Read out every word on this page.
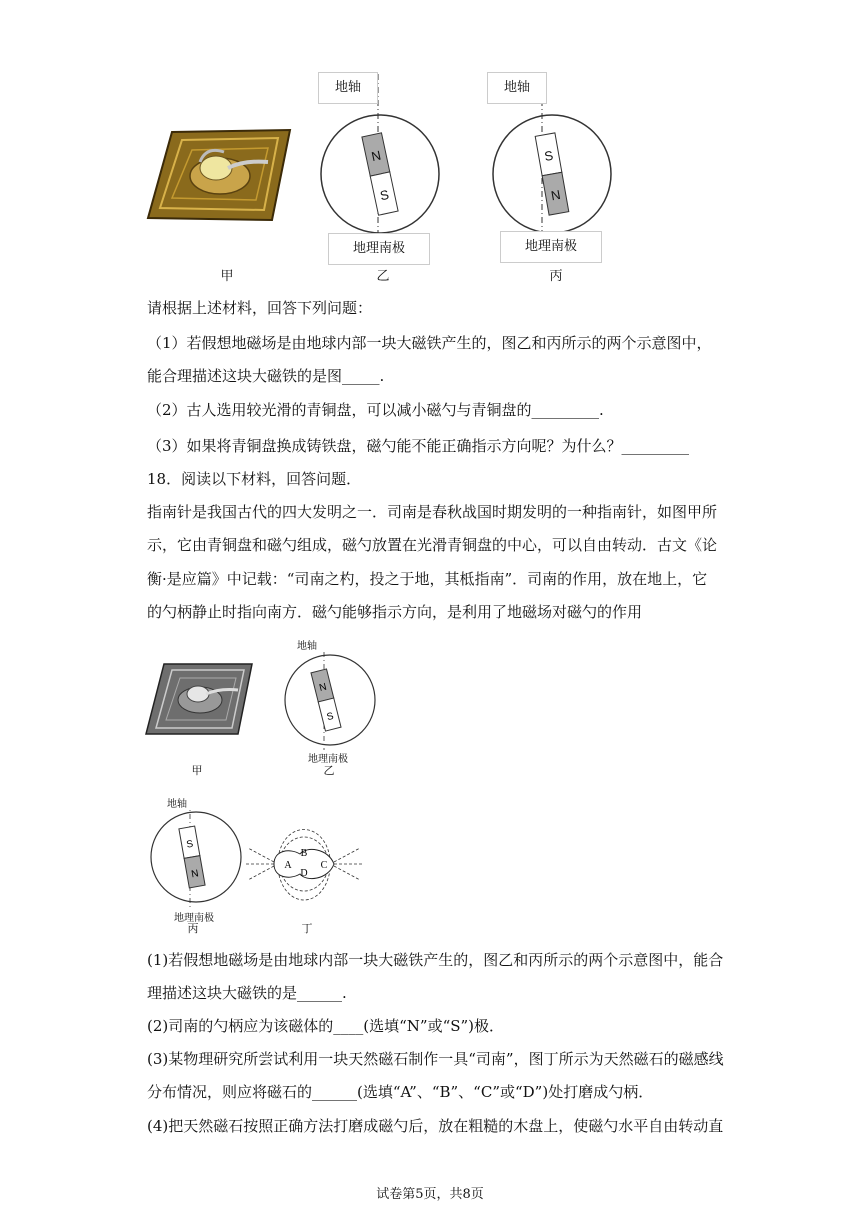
甲
N
S
地轴
地理南极
乙
S
N
地轴
地理南极
丙
请根据上述材料，回答下列问题：
（1）若假想地磁场是由地球内部一块大磁铁产生的，图乙和丙所示的两个示意图中，
能合理描述这块大磁铁的是图_____.
（2）古人选用较光滑的青铜盘，可以减小磁勺与青铜盘的_________.
（3）如果将青铜盘换成铸铁盘，磁勺能不能正确指示方向呢？为什么？_________
18．阅读以下材料，回答问题．
指南针是我国古代的四大发明之一．司南是春秋战国时期发明的一种指南针，如图甲所
示，它由青铜盘和磁勺组成，磁勺放置在光滑青铜盘的中心，可以自由转动．古文《论
衡·是应篇》中记载：“司南之杓，投之于地，其柢指南”．司南的作用，放在地上，它
的勺柄静止时指向南方．磁勺能够指示方向，是利用了地磁场对磁勺的作用
甲
N
S
地轴
地理南极
乙
S
N
地轴
地理南极
丙
A
B
C
D
丁
(1)若假想地磁场是由地球内部一块大磁铁产生的，图乙和丙所示的两个示意图中，能合
理描述这块大磁铁的是______.
(2)司南的勺柄应为该磁体的____(选填“N”或“S”)极．
(3)某物理研究所尝试利用一块天然磁石制作一具“司南”，图丁所示为天然磁石的磁感线
分布情况，则应将磁石的______(选填“A”、“B”、“C”或“D”)处打磨成勺柄．
(4)把天然磁石按照正确方法打磨成磁勺后，放在粗糙的木盘上，使磁勺水平自由转动直
试卷第5页，共8页
